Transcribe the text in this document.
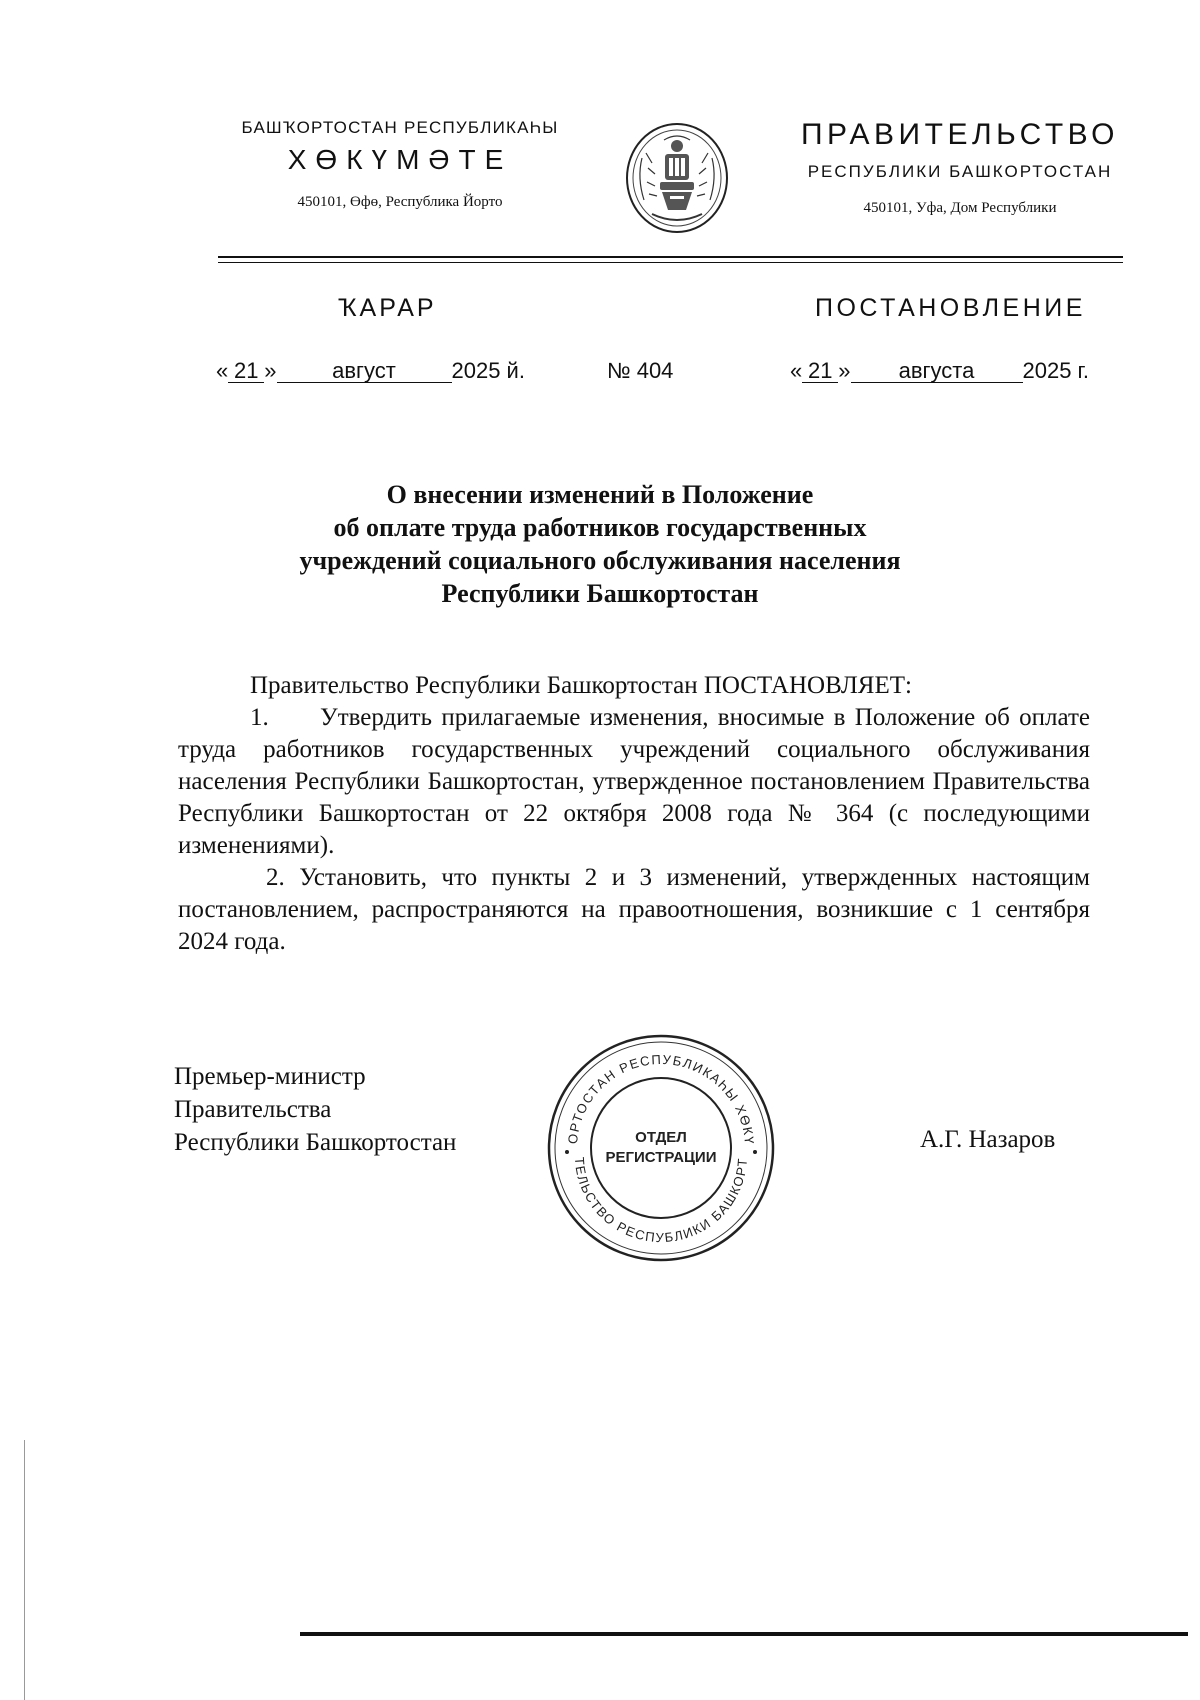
БАШҠОРТОСТАН РЕСПУБЛИКАҺЫ
ХӨКҮМӘТЕ
450101, Өфө, Республика Йорто
ПРАВИТЕЛЬСТВО
РЕСПУБЛИКИ БАШКОРТОСТАН
450101, Уфа, Дом Республики
ҠАРАР	ПОСТАНОВЛЕНИЕ
« 21 »	август	2025 й.	№ 404	« 21 » августа 2025 г.
О внесении изменений в Положение
об оплате труда работников государственных
учреждений социального обслуживания населения
Республики Башкортостан

Правительство Республики Башкортостан ПОСТАНОВЛЯЕТ:

1. Утвердить прилагаемые изменения, вносимые в Положение об оплате труда работников государственных учреждений социального обслуживания населения Республики Башкортостан, утвержденное постановлением Правительства Республики Башкортостан от 22 октября 2008 года № 364 (с последующими изменениями).

2. Установить, что пункты 2 и 3 изменений, утвержденных настоящим постановлением, распространяются на правоотношения, возникшие с 1 сентября 2024 года.

Премьер-министр
Правительства
Республики Башкортостан	ОРТОСТАН РЕСПУБЛИКАҺЫ ХӨКҮ
ТЕЛЬСТВО РЕСПУБЛИКИ БАШКОРТ
ОТДЕЛ
РЕГИСТРАЦИИ
А.Г. Назаров
